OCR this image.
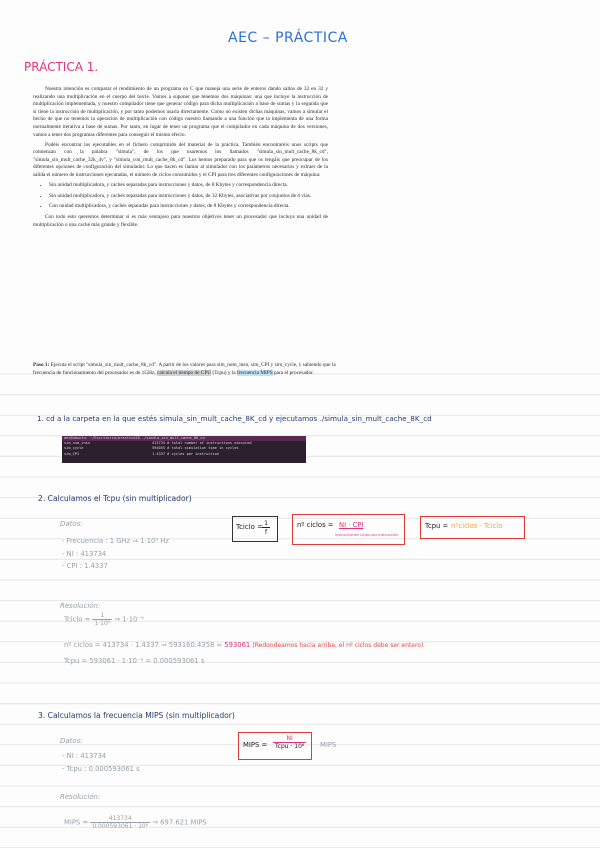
AEC – PRÁCTICA
PRÁCTICA 1.

Nuestra intención es comparar el rendimiento de un programa en C que maneja una serie de enteros dando saltos de 32 en 32 y realizando una multiplicación en el cuerpo del bucle. Vamos a suponer que tenemos dos máquinas: una que incluye la instrucción de multiplicación implementada, y nuestro compilador tiene que generar código para dicha multiplicación a base de sumas y la segunda que si tiene la instrucción de multiplicación, y por tanto podemos usarla directamente. Como no existen dichas máquinas, vamos a simular el hecho de que no tenemos la operación de multiplicación con código nuestro llamando a una función que la implementa de una forma normalmente iterativa a base de sumas. Por tanto, en lugar de tener un programa que el compilador en cada máquina de dos versiones, vamos a tener dos programas diferentes para conseguir el mismo efecto.

Podéis encontrar los ejecutables en el fichero comprimido del material de la práctica. También encontraréis unos scripts que comienzan con la palabra "simula", de los que usaremos los llamados "simula_sin_mult_cache_8k_cd", "simula_sin_mult_cache_32k_4v", y "simula_con_mult_cache_8k_cd". Los hemos preparado para que os tengáis que preocupar de los diferentes opciones de configuración del simulador. Lo que hacen es llamar al simulador con los parámetros necesarios y extraer de la salida el número de instrucciones ejecutadas, el número de ciclos consumidos y el CPI para tres diferentes configuraciones de máquina:

• Sin unidad multiplicadora, y cachés separadas para instrucciones y datos, de 8 Kbytes y correspondencia directa.
• Sin unidad multiplicadora, y cachés separadas para instrucciones y datos, de 32 Kbytes, asociativas por conjuntos de 4 vías.
• Con unidad multiplicadora, y cachés separadas para instrucciones y datos, de 8 Kbytes y correspondencia directa.

Con todo esto queremos determinar si es más ventajoso para nuestros objetivos tener un procesador que incluya una unidad de multiplicación o una caché más grande y flexible.

Paso 1: Ejecuta el script "simula_sin_mult_cache_8k_cd". A partir de los valores para sim_num_insn, sim_CPI y sim_cycle, y sabiendo que la frecuencia de funcionamiento del procesador es de 1GHz, calcula el tiempo de CPU (Tcpu) y la frecuencia MIPS para el procesador.
1. cd a la carpeta en la que estés simula_sin_mult_cache_8K_cd y ejecutamos ./simula_sin_mult_cache_8K_cd
aec@ubuntu: ~/Escritorio/practica1$ ./simula_sin_mult_cache_8K_cd
sim_num_insn	413734 # total number of instructions executed
sim_cycle	594055 # total simulation time in cycles
sim_CPI	1.4337 # cycles per instruction
2. Calculamos el Tcpu (sin multiplicador)
Datos:
- Frecuencia : 1 GHz ⇒ 1·10⁹ Hz
- NI : 413734
- CPI : 1.4337
Tciclo =
$\frac{1}{f}$	nº ciclos = NI · CPI
instrucciones ciclos por instrucción
Tcpu = nºciclos · Tciclo
Resolución:
Tciclo = $\frac{1}{\text{1·10⁹}}$ ⇒ 1·10⁻⁹
nº ciclos = 413734 · 1.4337 ⇒ 593160.4358 ≈ 593061 (Redondeamos hacia arriba, el nº ciclos debe ser entero)
Tcpu = 593061 · 1·10⁻⁹ = 0.000593061 s
3. Calculamos la frecuencia MIPS (sin multiplicador)
Datos:
- NI : 413734
- Tcpu : 0.000593061 s
MIPS =
NI
Tcpu · 10⁶ MIPS
Resolución:
MIPS = $\frac{413734}{\text{0.000593061 · 10⁶}}$ ⇒ 697.621 MIPS
